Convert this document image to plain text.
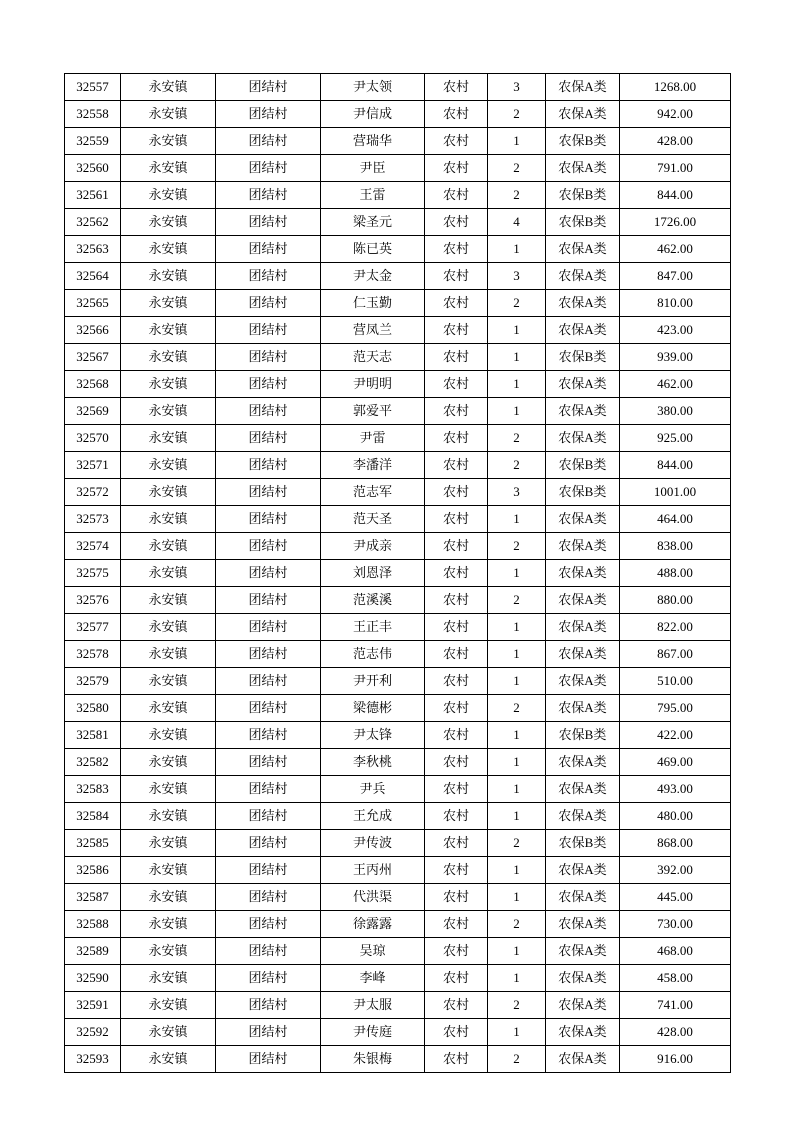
32557	永安镇	团结村	尹太领	农村	3	农保A类	1268.00
32558	永安镇	团结村	尹信成	农村	2	农保A类	942.00
32559	永安镇	团结村	营瑞华	农村	1	农保B类	428.00
32560	永安镇	团结村	尹臣	农村	2	农保A类	791.00
32561	永安镇	团结村	王雷	农村	2	农保B类	844.00
32562	永安镇	团结村	梁圣元	农村	4	农保B类	1726.00
32563	永安镇	团结村	陈已英	农村	1	农保A类	462.00
32564	永安镇	团结村	尹太金	农村	3	农保A类	847.00
32565	永安镇	团结村	仁玉勤	农村	2	农保A类	810.00
32566	永安镇	团结村	营凤兰	农村	1	农保A类	423.00
32567	永安镇	团结村	范天志	农村	1	农保B类	939.00
32568	永安镇	团结村	尹明明	农村	1	农保A类	462.00
32569	永安镇	团结村	郭爱平	农村	1	农保A类	380.00
32570	永安镇	团结村	尹雷	农村	2	农保A类	925.00
32571	永安镇	团结村	李潘洋	农村	2	农保B类	844.00
32572	永安镇	团结村	范志军	农村	3	农保B类	1001.00
32573	永安镇	团结村	范天圣	农村	1	农保A类	464.00
32574	永安镇	团结村	尹成亲	农村	2	农保A类	838.00
32575	永安镇	团结村	刘恩泽	农村	1	农保A类	488.00
32576	永安镇	团结村	范溪溪	农村	2	农保A类	880.00
32577	永安镇	团结村	王正丰	农村	1	农保A类	822.00
32578	永安镇	团结村	范志伟	农村	1	农保A类	867.00
32579	永安镇	团结村	尹开利	农村	1	农保A类	510.00
32580	永安镇	团结村	梁德彬	农村	2	农保A类	795.00
32581	永安镇	团结村	尹太锋	农村	1	农保B类	422.00
32582	永安镇	团结村	李秋桃	农村	1	农保A类	469.00
32583	永安镇	团结村	尹兵	农村	1	农保A类	493.00
32584	永安镇	团结村	王允成	农村	1	农保A类	480.00
32585	永安镇	团结村	尹传波	农村	2	农保B类	868.00
32586	永安镇	团结村	王丙州	农村	1	农保A类	392.00
32587	永安镇	团结村	代洪渠	农村	1	农保A类	445.00
32588	永安镇	团结村	徐露露	农村	2	农保A类	730.00
32589	永安镇	团结村	吴琼	农村	1	农保A类	468.00
32590	永安镇	团结村	李峰	农村	1	农保A类	458.00
32591	永安镇	团结村	尹太服	农村	2	农保A类	741.00
32592	永安镇	团结村	尹传庭	农村	1	农保A类	428.00
32593	永安镇	团结村	朱银梅	农村	2	农保A类	916.00
